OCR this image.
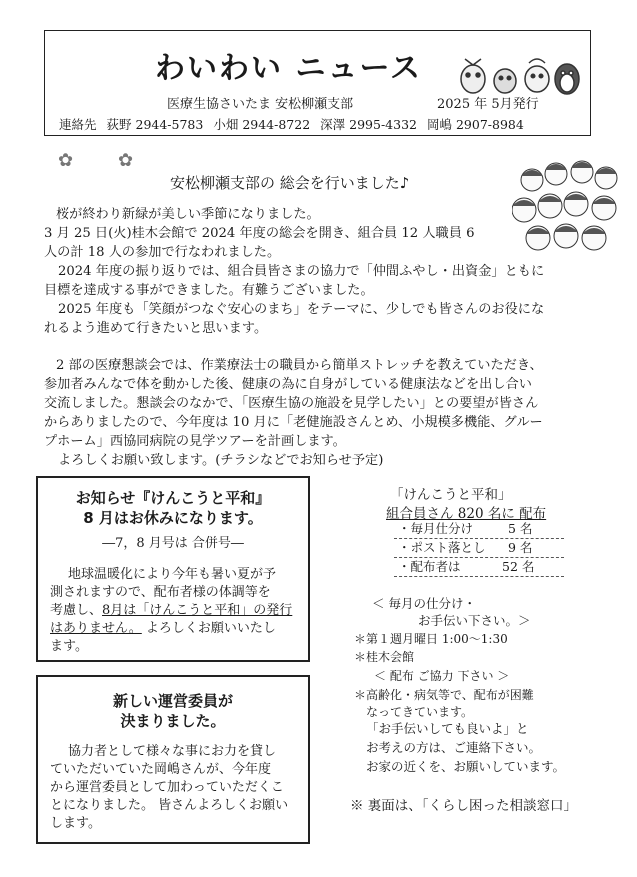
わいわい ニュース
医療生協さいたま 安松柳瀬支部	2025 年 5月発行
連絡先 荻野 2944-5783 小畑 2944-8722 深澤 2995-4332 岡嶋 2907-8984
✿ ✿
安松柳瀬支部の 総会を行いました♪
桜が終わり新緑が美しい季節になりました。
3 月 25 日(火)桂木会館で 2024 年度の総会を開き、組合員 12 人職員 6
人の計 18 人の参加で行なわれました。
2024 年度の振り返りでは、組合員皆さまの協力で「仲間ふやし・出資金」ともに
目標を達成する事ができました。有難うございました。
2025 年度も「笑顔がつなぐ安心のまち」をテーマに、少しでも皆さんのお役にな
れるよう進めて行きたいと思います。
2 部の医療懇談会では、作業療法士の職員から簡単ストレッチを教えていただき、
参加者みんなで体を動かした後、健康の為に自身がしている健康法などを出し合い
交流しました。懇談会のなかで、「医療生協の施設を見学したい」との要望が皆さん
からありましたので、今年度は 10 月に「老健施設さんとめ、小規模多機能、グルー
プホーム」西協同病院の見学ツアーを計画します。
よろしくお願い致します。(チラシなどでお知らせ予定)
お知らせ『けんこうと平和』
8 月はお休みになります。
―7，8 月号は 合併号―
地球温暖化により今年も暑い夏が予
測されますので、配布者様の体調等を
考慮し、8月は「けんこうと平和」の発行
はありません。 よろしくお願いいたし
ます。
新しい運営委員が
決まりました。
協力者として様々な事にお力を貸し
ていただいていた岡嶋さんが、今年度
から運営委員として加わっていただくこ
とになりました。 皆さんよろしくお願い
します。
「けんこうと平和」
組合員さん 820 名に 配布
・毎月仕分け	5 名
・ポスト落とし 9 名
・配布者は	52 名
＜ 毎月の仕分け・
お手伝い下さい。＞
＊第１週月曜日 1:00～1:30
＊桂木会館
＜ 配布 ご協力 下さい ＞
＊高齢化・病気等で、配布が困難
なってきています。
「お手伝いしても良いよ」と
お考えの方は、ご連絡下さい。
お家の近くを、お願いしています。
※ 裏面は、「くらし困った相談窓口」
